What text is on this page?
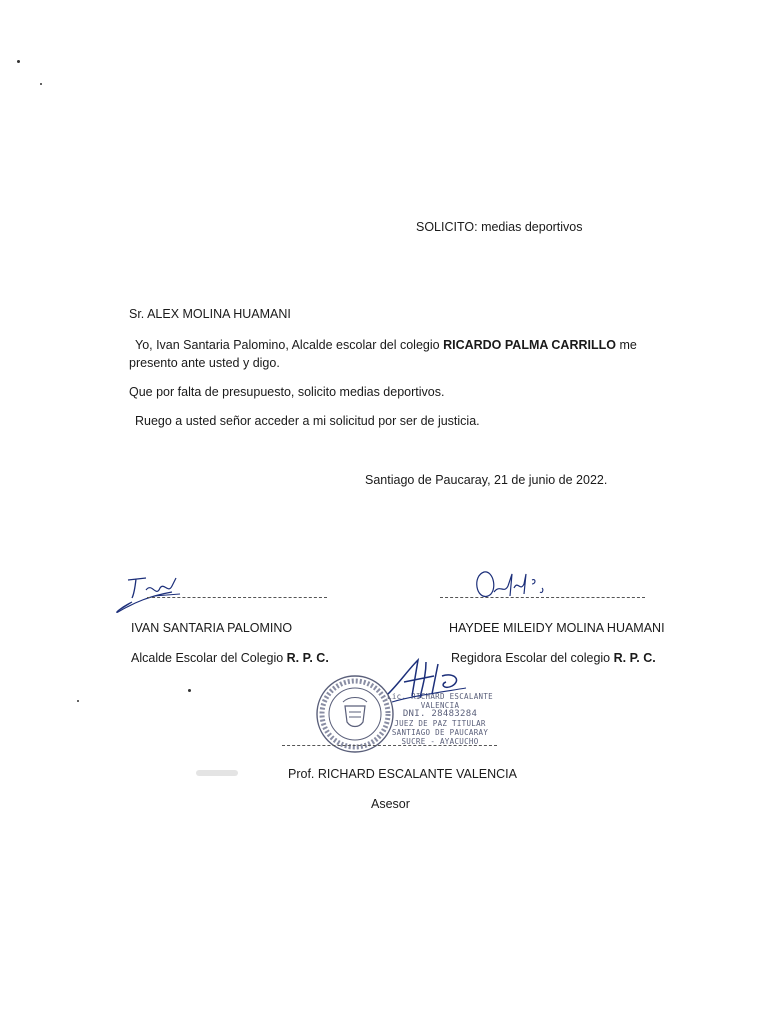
SOLICITO: medias deportivos
Sr. ALEX MOLINA HUAMANI
Yo, Ivan Santaria Palomino, Alcalde escolar del colegio RICARDO PALMA CARRILLO me
presento ante usted y digo.
Que por falta de presupuesto, solicito medias deportivos.
Ruego a usted señor acceder a mi solicitud por ser de justicia.
Santiago de Paucaray, 21 de junio de 2022.
IVAN SANTARIA PALOMINO	HAYDEE MILEIDY MOLINA HUAMANI
Alcalde Escolar del Colegio R. P. C.	Regidora Escolar del colegio R. P. C.
Lic. RICHARD ESCALANTE VALENCIA
DNI. 28483284
JUEZ DE PAZ TITULAR
SANTIAGO DE PAUCARAY
SUCRE - AYACUCHO
Prof. RICHARD ESCALANTE VALENCIA
Asesor
